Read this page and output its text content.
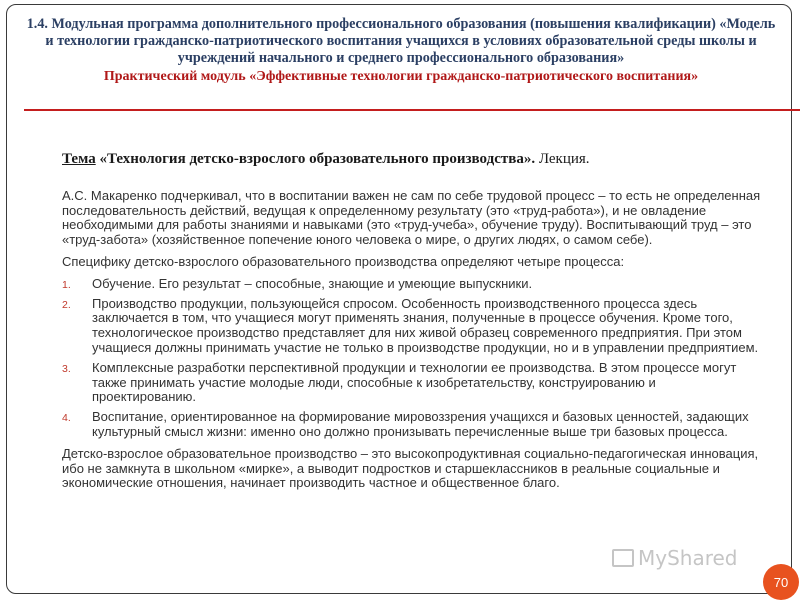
1.4. Модульная программа дополнительного профессионального образования (повышения квалификации) «Модель и технологии гражданско-патриотического воспитания учащихся в условиях образовательной среды школы и учреждений начального и среднего профессионального образования»
Практический модуль «Эффективные технологии гражданско-патриотического воспитания»
Тема «Технология детско-взрослого образовательного производства». Лекция.

А.С. Макаренко подчеркивал, что в воспитании важен не сам по себе трудовой процесс – то есть не определенная последовательность действий, ведущая к определенному результату (это «труд-работа»), и не овладение необходимыми для работы знаниями и навыками (это «труд-учеба», обучение труду). Воспитывающий труд – это «труд-забота» (хозяйственное попечение юного человека о мире, о других людях, о самом себе).

Специфику детско-взрослого образовательного производства определяют четыре процесса:

1. Обучение. Его результат – способные, знающие и умеющие выпускники.
2. Производство продукции, пользующейся спросом. Особенность производственного процесса здесь заключается в том, что учащиеся могут применять знания, полученные в процессе обучения. Кроме того, технологическое производство представляет для них живой образец современного предприятия. При этом учащиеся должны принимать участие не только в производстве продукции, но и в управлении предприятием.
3. Комплексные разработки перспективной продукции и технологии ее производства. В этом процессе могут также принимать участие молодые люди, способные к изобретательству, конструированию и проектированию.
4. Воспитание, ориентированное на формирование мировоззрения учащихся и базовых ценностей, задающих культурный смысл жизни: именно оно должно пронизывать перечисленные выше три базовых процесса.

Детско-взрослое образовательное производство – это высокопродуктивная социально-педагогическая инновация, ибо не замкнута в школьном «мирке», а выводит подростков и старшеклассников в реальные социальные и экономические отношения, начинает производить частное и общественное благо.

MyShared
70
